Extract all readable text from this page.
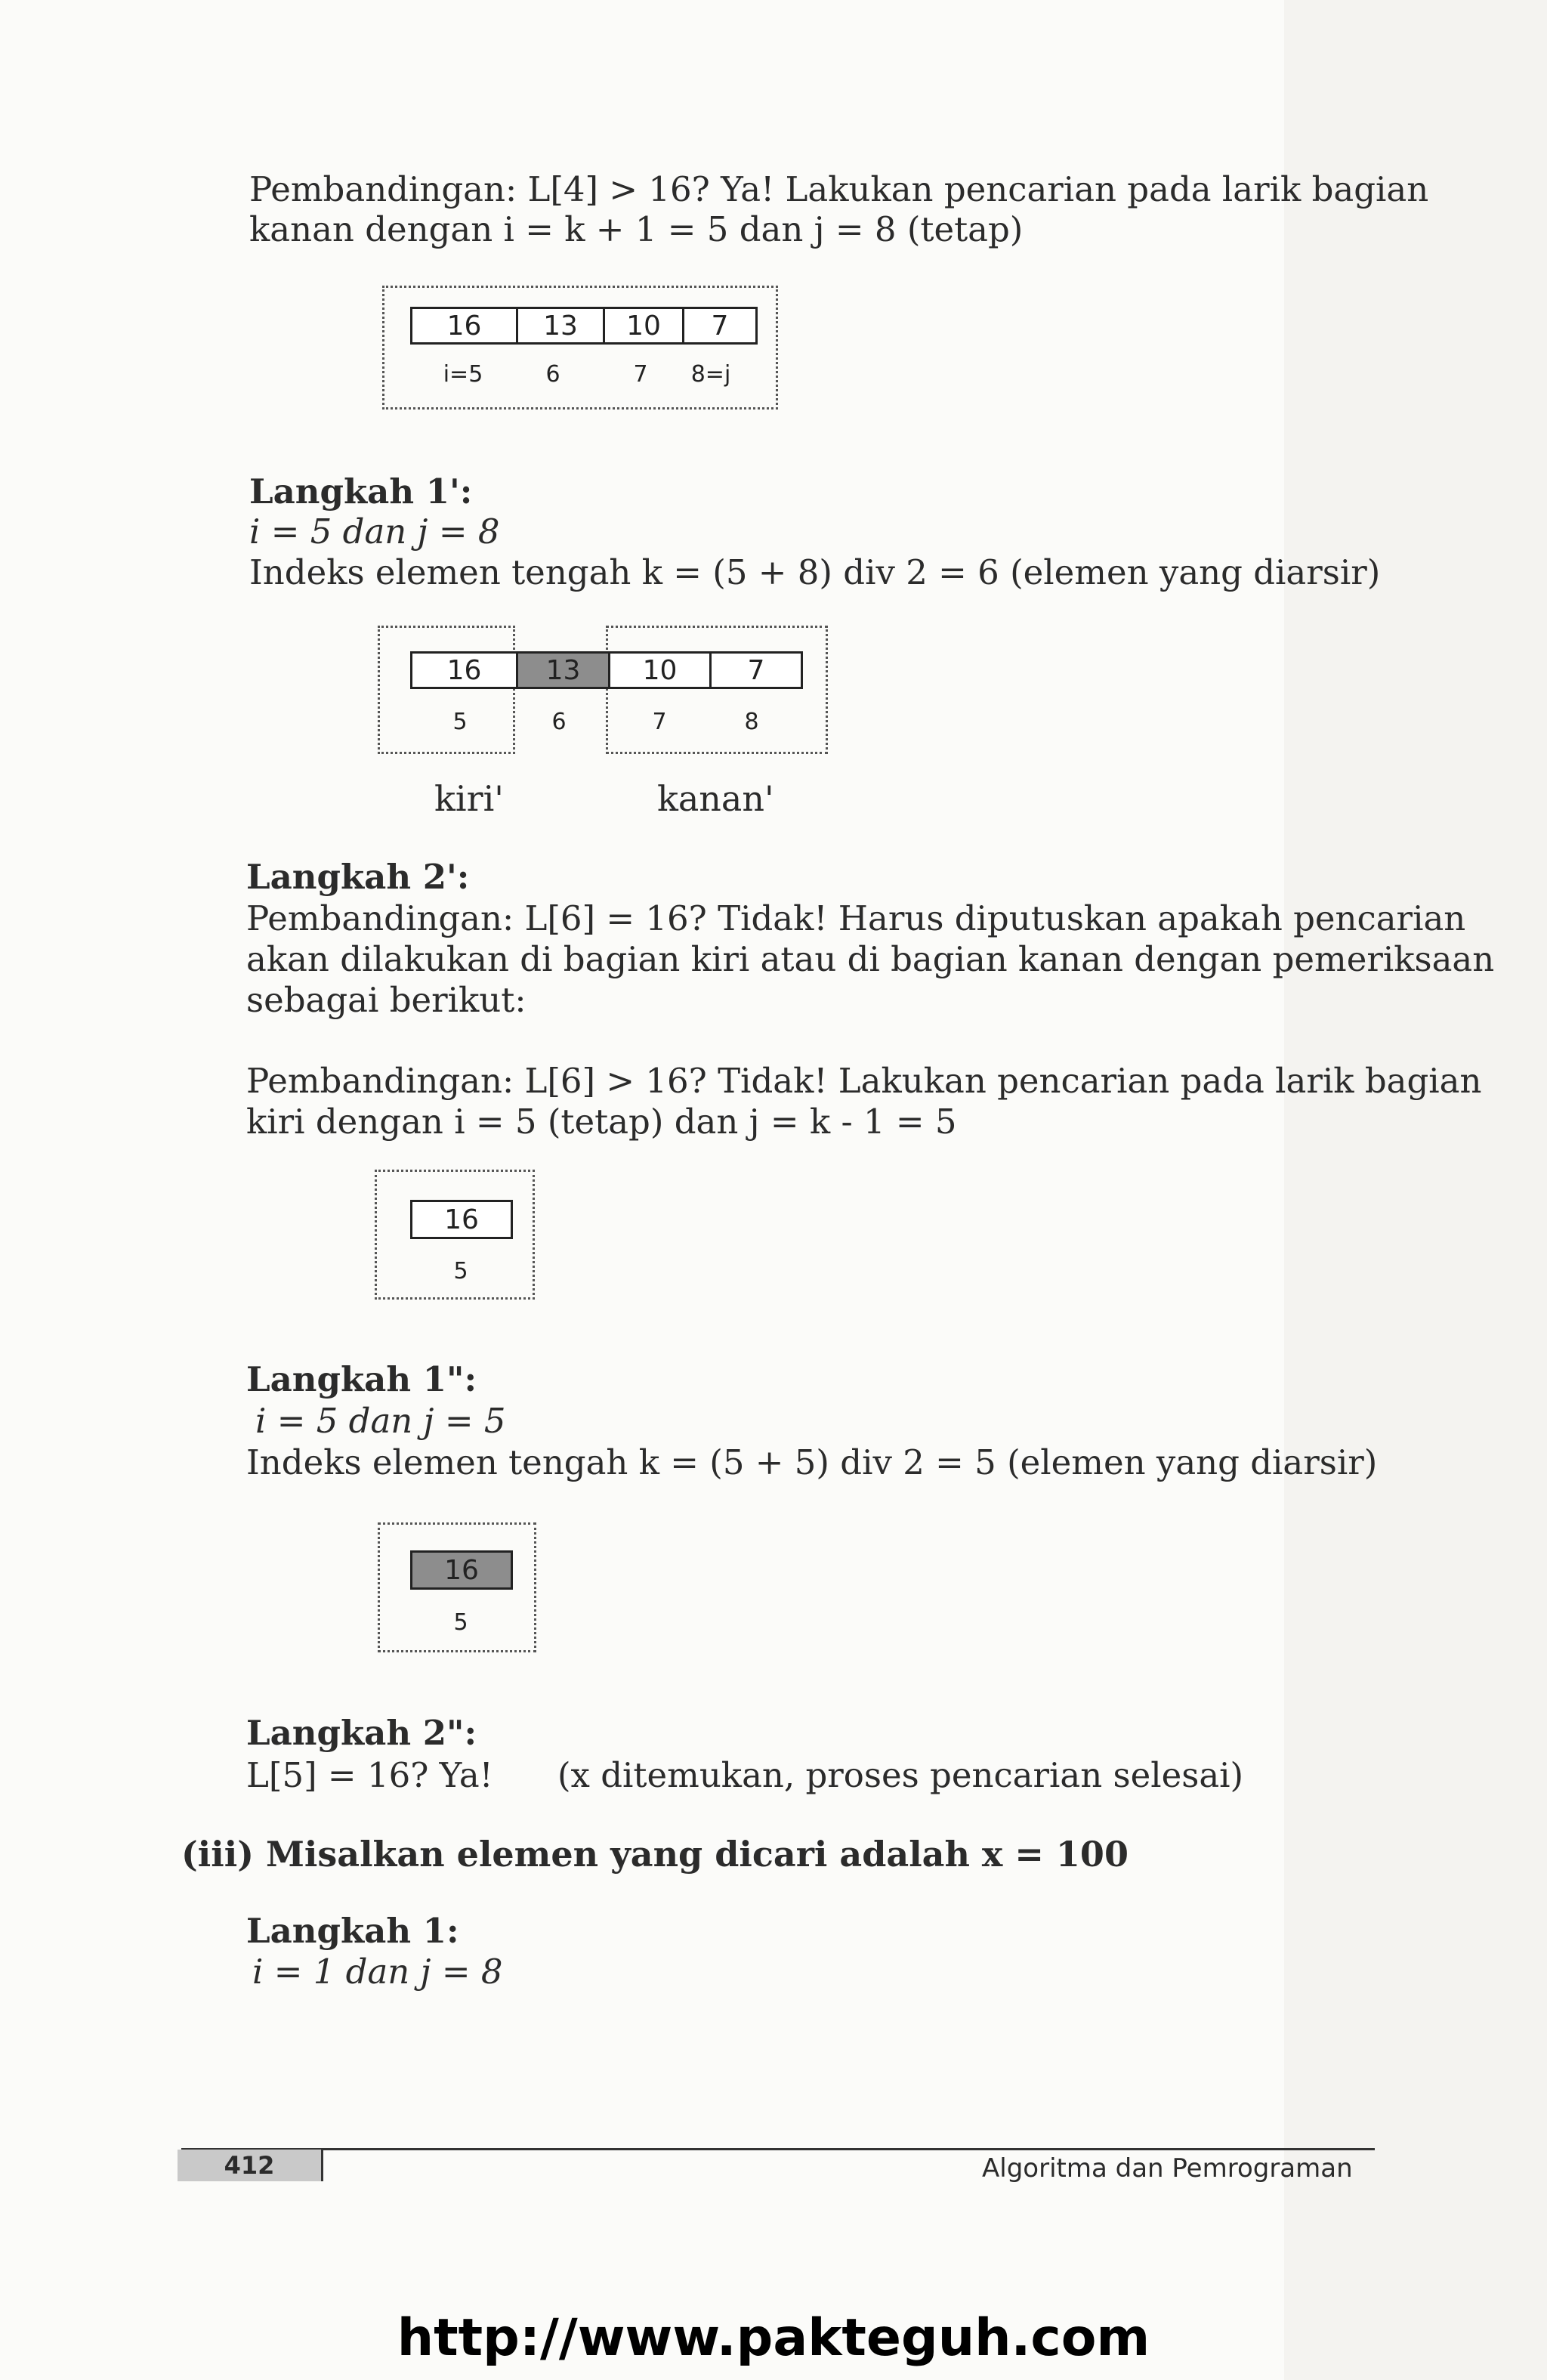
Pembandingan: L[4] > 16? Ya! Lakukan pencarian pada larik bagian
kanan dengan i = k + 1 = 5 dan j = 8 (tetap)
16	13	10	7
i=5	6	7	8=j
Langkah 1':
i = 5 dan j = 8
Indeks elemen tengah k = (5 + 8) div 2 = 6 (elemen yang diarsir)
16	13	10	7
5	6	7	8
kiri'	kanan'
Langkah 2':
Pembandingan: L[6] = 16? Tidak! Harus diputuskan apakah pencarian
akan dilakukan di bagian kiri atau di bagian kanan dengan pemeriksaan
sebagai berikut:
Pembandingan: L[6] > 16? Tidak! Lakukan pencarian pada larik bagian
kiri dengan i = 5 (tetap) dan j = k - 1 = 5
16
5
Langkah 1":
i = 5 dan j = 5
Indeks elemen tengah k = (5 + 5) div 2 = 5 (elemen yang diarsir)
16
5
Langkah 2":
L[5] = 16? Ya! (x ditemukan, proses pencarian selesai)
(iii) Misalkan elemen yang dicari adalah x = 100
Langkah 1:
i = 1 dan j = 8
412	Algoritma dan Pemrograman
http://www.pakteguh.com
